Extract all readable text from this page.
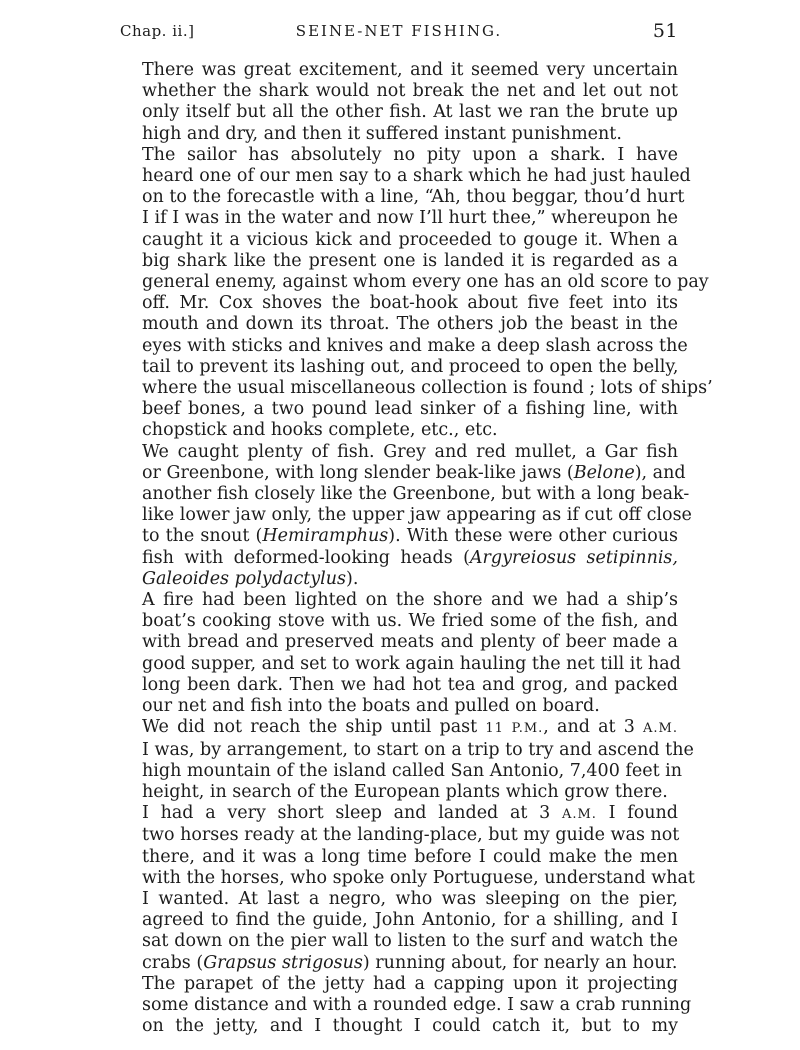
Chap. ii.]	SEINE-NET FISHING.	51

There was great excitement, and it seemed very uncertain
whether the shark would not break the net and let out not
only itself but all the other fish. At last we ran the brute up
high and dry, and then it suffered instant punishment.

The sailor has absolutely no pity upon a shark. I have
heard one of our men say to a shark which he had just hauled
on to the forecastle with a line, “Ah, thou beggar, thou’d hurt
I if I was in the water and now I’ll hurt thee,” whereupon he
caught it a vicious kick and proceeded to gouge it. When a
big shark like the present one is landed it is regarded as a
general enemy, against whom every one has an old score to pay
off. Mr. Cox shoves the boat-hook about five feet into its
mouth and down its throat. The others job the beast in the
eyes with sticks and knives and make a deep slash across the
tail to prevent its lashing out, and proceed to open the belly,
where the usual miscellaneous collection is found ; lots of ships’
beef bones, a two pound lead sinker of a fishing line, with
chopstick and hooks complete, etc., etc.

We caught plenty of fish. Grey and red mullet, a Gar fish
or Greenbone, with long slender beak-like jaws (Belone), and
another fish closely like the Greenbone, but with a long beak-
like lower jaw only, the upper jaw appearing as if cut off close
to the snout (Hemiramphus). With these were other curious
fish with deformed-looking heads (Argyreiosus setipinnis,
Galeoides polydactylus).

A fire had been lighted on the shore and we had a ship’s
boat’s cooking stove with us. We fried some of the fish, and
with bread and preserved meats and plenty of beer made a
good supper, and set to work again hauling the net till it had
long been dark. Then we had hot tea and grog, and packed
our net and fish into the boats and pulled on board.

We did not reach the ship until past 11 P.M., and at 3 A.M.
I was, by arrangement, to start on a trip to try and ascend the
high mountain of the island called San Antonio, 7,400 feet in
height, in search of the European plants which grow there.

I had a very short sleep and landed at 3 A.M. I found
two horses ready at the landing-place, but my guide was not
there, and it was a long time before I could make the men
with the horses, who spoke only Portuguese, understand what
I wanted. At last a negro, who was sleeping on the pier,
agreed to find the guide, John Antonio, for a shilling, and I
sat down on the pier wall to listen to the surf and watch the
crabs (Grapsus strigosus) running about, for nearly an hour.

The parapet of the jetty had a capping upon it projecting
some distance and with a rounded edge. I saw a crab running
on the jetty, and I thought I could catch it, but to my
